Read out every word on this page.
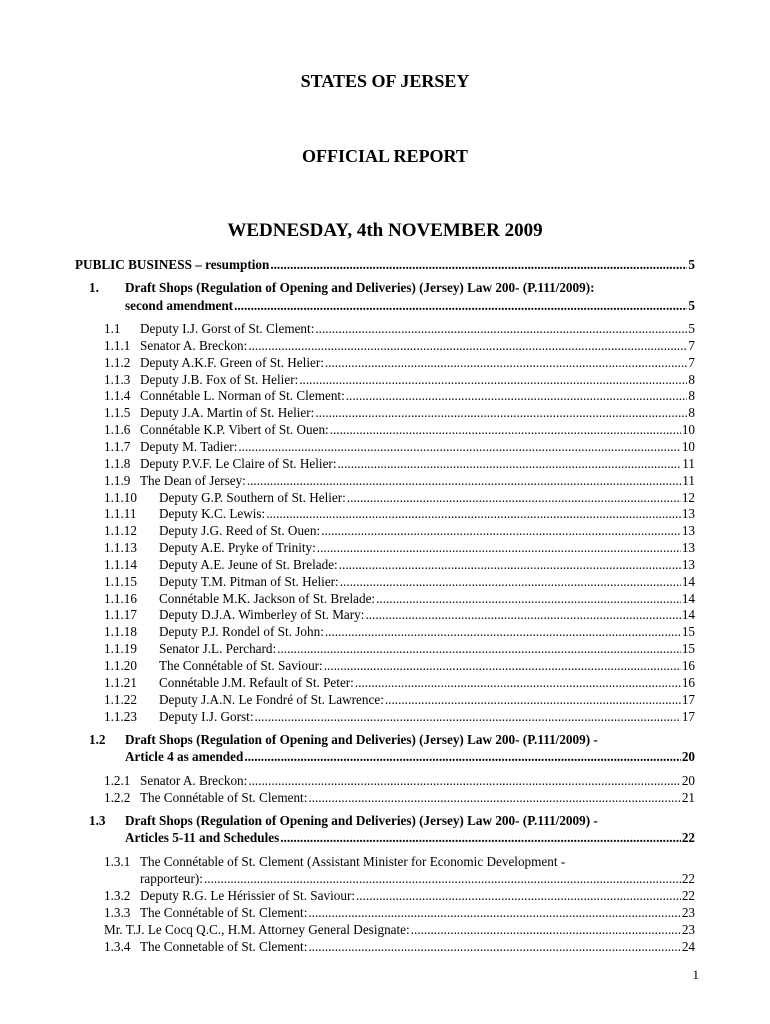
STATES OF JERSEY
OFFICIAL REPORT
WEDNESDAY, 4th NOVEMBER 2009
PUBLIC BUSINESS – resumption .....	5
1. Draft Shops (Regulation of Opening and Deliveries) (Jersey) Law 200- (P.111/2009):
second amendment .....	5
1.1	Deputy I.J. Gorst of St. Clement: .....	5
1.1.1 Senator A. Breckon: .....	7
1.1.2 Deputy A.K.F. Green of St. Helier: .....	7
1.1.3 Deputy J.B. Fox of St. Helier: .....	8
1.1.4 Connétable L. Norman of St. Clement: .....	8
1.1.5 Deputy J.A. Martin of St. Helier: .....	8
1.1.6 Connétable K.P. Vibert of St. Ouen: .....	10
1.1.7 Deputy M. Tadier: .....	10
1.1.8 Deputy P.V.F. Le Claire of St. Helier: .....	11
1.1.9 The Dean of Jersey: .....	11
1.1.10	Deputy G.P. Southern of St. Helier: .....	12
1.1.11	Deputy K.C. Lewis: .....	13
1.1.12	Deputy J.G. Reed of St. Ouen: .....	13
1.1.13	Deputy A.E. Pryke of Trinity: .....	13
1.1.14	Deputy A.E. Jeune of St. Brelade: .....	13
1.1.15	Deputy T.M. Pitman of St. Helier: .....	14
1.1.16	Connétable M.K. Jackson of St. Brelade: .....	14
1.1.17	Deputy D.J.A. Wimberley of St. Mary: .....	14
1.1.18	Deputy P.J. Rondel of St. John: .....	15
1.1.19	Senator J.L. Perchard: .....	15
1.1.20	The Connétable of St. Saviour: .....	16
1.1.21	Connétable J.M. Refault of St. Peter: .....	16
1.1.22	Deputy J.A.N. Le Fondré of St. Lawrence: .....	17
1.1.23	Deputy I.J. Gorst: .....	17
1.2 Draft Shops (Regulation of Opening and Deliveries) (Jersey) Law 200- (P.111/2009) -
Article 4 as amended .....	20
1.2.1 Senator A. Breckon: .....	20
1.2.2 The Connétable of St. Clement: .....	21
1.3 Draft Shops (Regulation of Opening and Deliveries) (Jersey) Law 200- (P.111/2009) -
Articles 5-11 and Schedules .....	22
1.3.1 The Connétable of St. Clement (Assistant Minister for Economic Development -
rapporteur): .....	22
1.3.2 Deputy R.G. Le Hérissier of St. Saviour: .....	22
1.3.3 The Connétable of St. Clement: .....	23
Mr. T.J. Le Cocq Q.C., H.M. Attorney General Designate: .....	23
1.3.4 The Connetable of St. Clement: .....	24
1
